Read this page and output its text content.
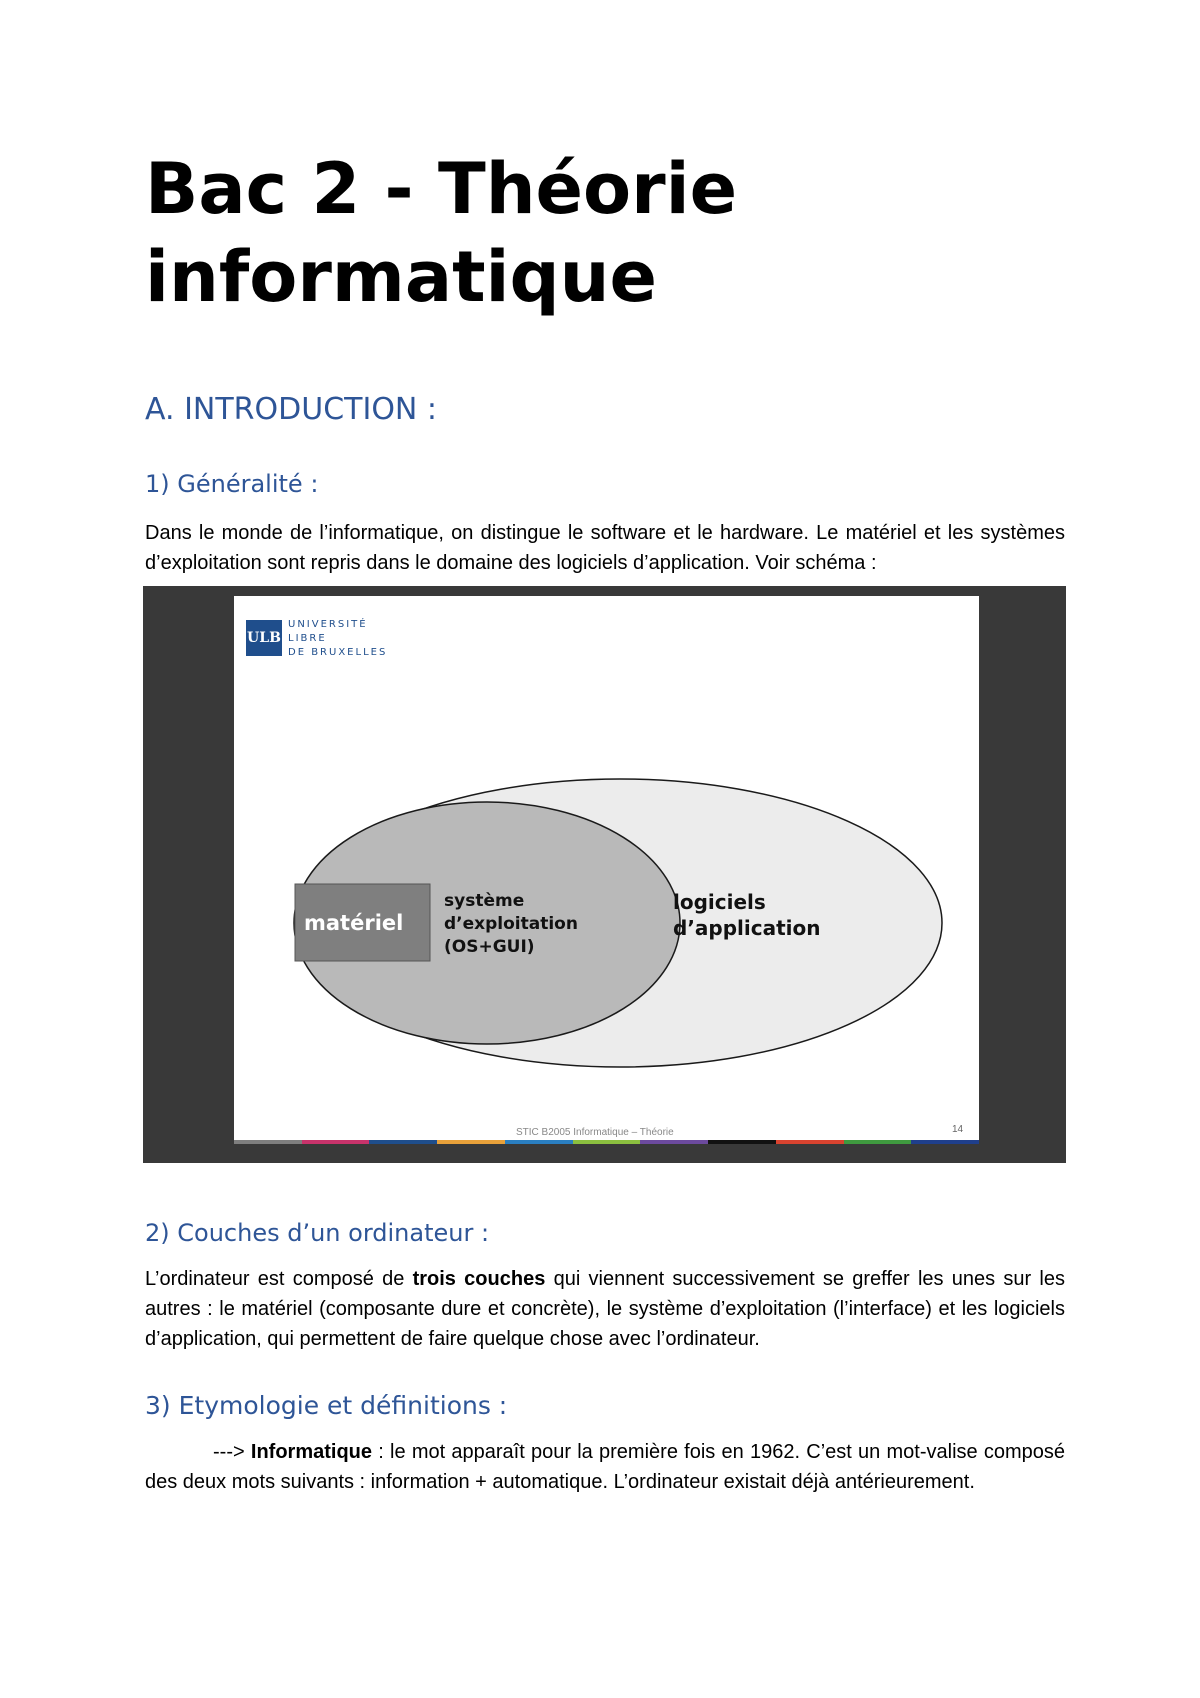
Bac 2 - Théorie
informatique
A. INTRODUCTION :
1) Généralité :

Dans le monde de l’informatique, on distingue le software et le hardware. Le matériel et les systèmes d’exploitation sont repris dans le domaine des logiciels d’application. Voir schéma :

ULB
UNIVERSITÉ
LIBRE
DE BRUXELLES
matériel
système
d’exploitation
(OS+GUI)
logiciels
d’application
STIC B2005 Informatique – Théorie	14
2) Couches d’un ordinateur :

L’ordinateur est composé de trois couches qui viennent successivement se greffer les unes sur les autres : le matériel (composante dure et concrète), le système d’exploitation (l’interface) et les logiciels d’application, qui permettent de faire quelque chose avec l’ordinateur.

3) Etymologie et définitions :

---> Informatique : le mot apparaît pour la première fois en 1962. C’est un mot-valise composé des deux mots suivants : information + automatique. L’ordinateur existait déjà antérieurement.
